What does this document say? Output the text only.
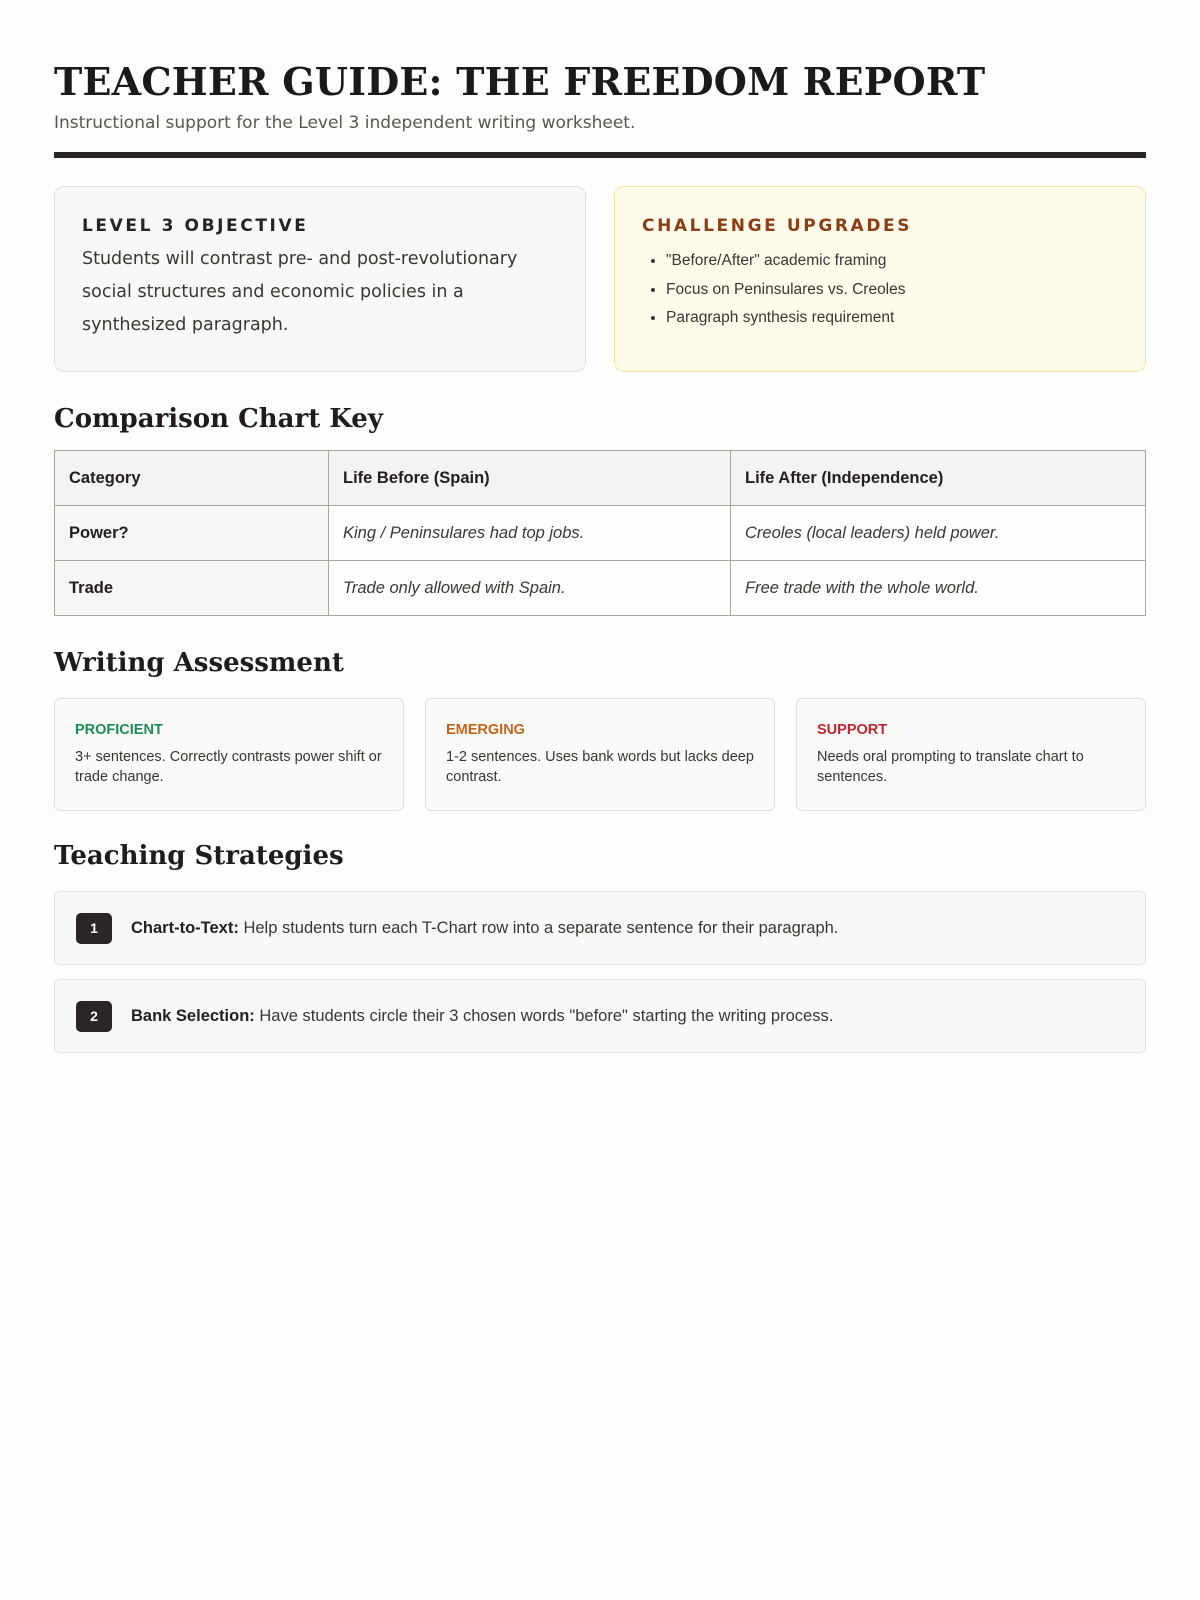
TEACHER GUIDE: THE FREEDOM REPORT
Instructional support for the Level 3 independent writing worksheet.
LEVEL 3 OBJECTIVE
Students will contrast pre- and post-revolutionary social structures and economic policies in a synthesized paragraph.
CHALLENGE UPGRADES
• "Before/After" academic framing
• Focus on Peninsulares vs. Creoles
• Paragraph synthesis requirement
Comparison Chart Key
Category	Life Before (Spain)	Life After (Independence)
Power?	King / Peninsulares had top jobs.	Creoles (local leaders) held power.
Trade	Trade only allowed with Spain.	Free trade with the whole world.
Writing Assessment
PROFICIENT
3+ sentences. Correctly contrasts power shift or trade change.
EMERGING
1-2 sentences. Uses bank words but lacks deep contrast.
SUPPORT
Needs oral prompting to translate chart to sentences.
Teaching Strategies
1	Chart-to-Text: Help students turn each T-Chart row into a separate sentence for their paragraph.
2	Bank Selection: Have students circle their 3 chosen words "before" starting the writing process.
